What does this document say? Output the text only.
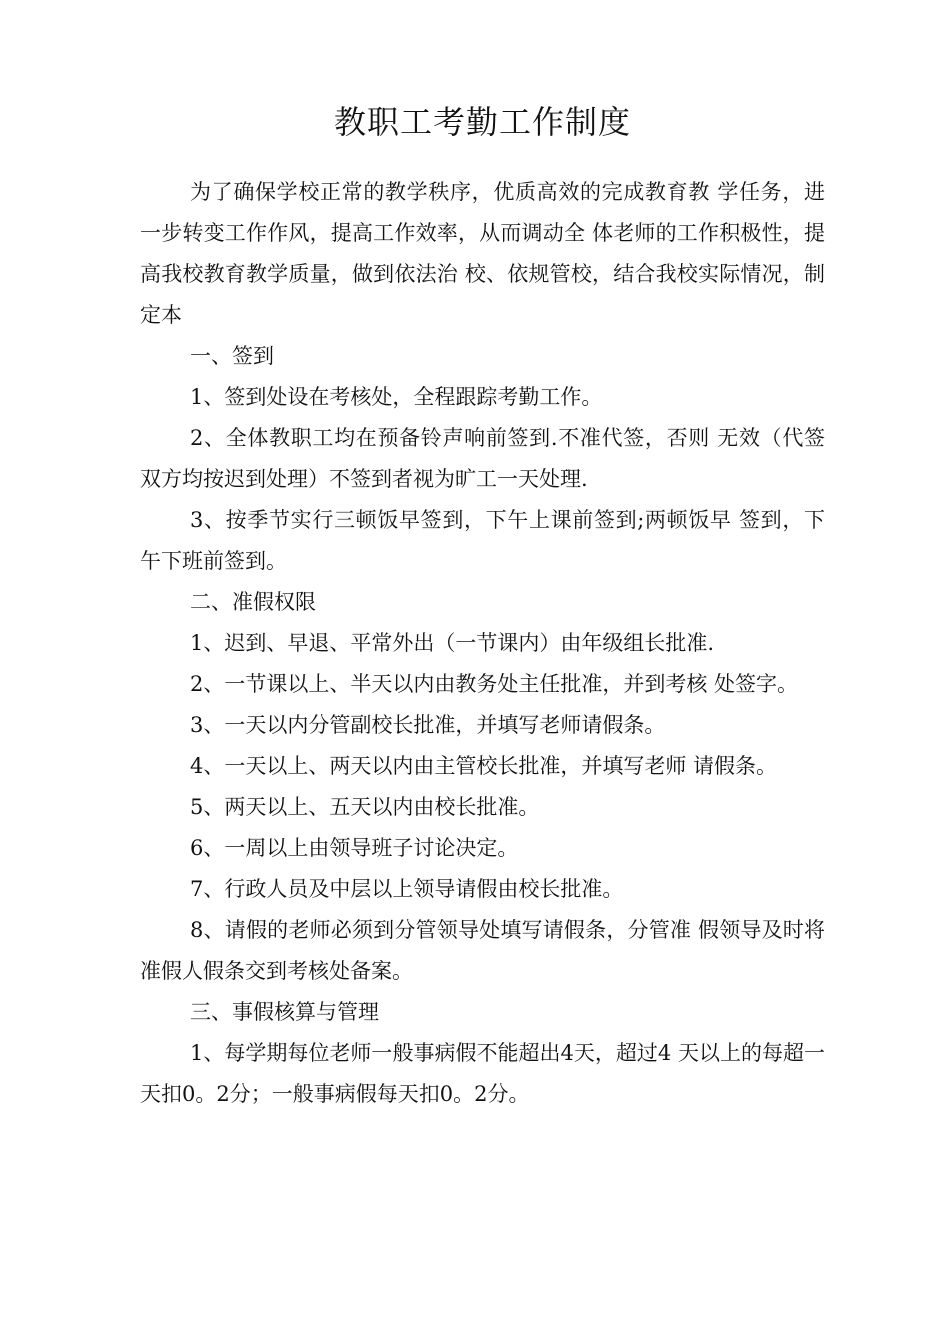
教职工考勤工作制度

为了确保学校正常的教学秩序，优质高效的完成教育教 学任务，进一步转变工作作风，提高工作效率，从而调动全 体老师的工作积极性，提高我校教育教学质量，做到依法治 校、依规管校，结合我校实际情况，制定本

一、签到

1、签到处设在考核处，全程跟踪考勤工作。

2、全体教职工均在预备铃声响前签到.不准代签，否则 无效（代签双方均按迟到处理）不签到者视为旷工一天处理.

3、按季节实行三顿饭早签到，下午上课前签到;两顿饭早 签到，下午下班前签到。

二、准假权限

1、迟到、早退、平常外出（一节课内）由年级组长批准.

2、一节课以上、半天以内由教务处主任批准，并到考核 处签字。

3、一天以内分管副校长批准，并填写老师请假条。

4、一天以上、两天以内由主管校长批准，并填写老师 请假条。

5、两天以上、五天以内由校长批准。

6、一周以上由领导班子讨论决定。

7、行政人员及中层以上领导请假由校长批准。

8、请假的老师必须到分管领导处填写请假条，分管准 假领导及时将准假人假条交到考核处备案。

三、事假核算与管理

1、每学期每位老师一般事病假不能超出4天，超过4 天以上的每超一天扣0。2分；一般事病假每天扣0。2分。
